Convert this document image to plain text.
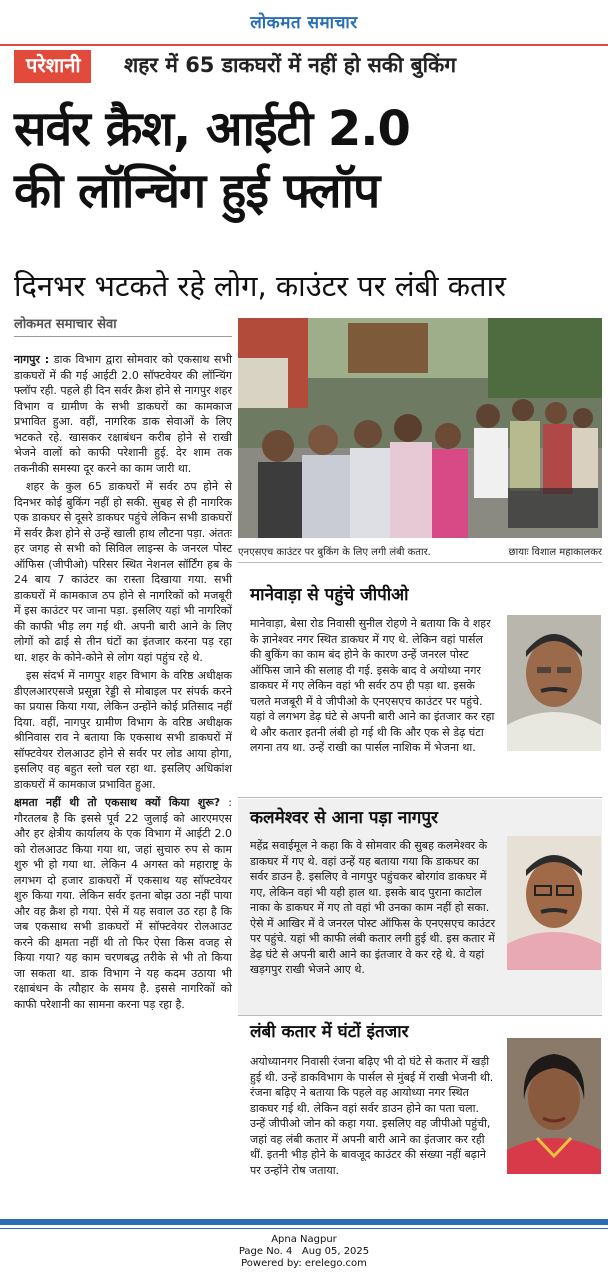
लोकमत समाचार
परेशानी	शहर में 65 डाकघरों में नहीं हो सकी बुकिंग
सर्वर क्रैश, आईटी 2.0
की लॉन्चिंग हुई फ्लॉप
दिनभर भटकते रहे लोग, काउंटर पर लंबी कतार
लोकमत समाचार सेवा

नागपुर : डाक विभाग द्वारा सोमवार को एकसाथ सभी डाकघरों में की गई आईटी 2.0 सॉफ्टवेयर की लॉन्चिंग फ्लॉप रही. पहले ही दिन सर्वर क्रैश होने से नागपुर शहर विभाग व ग्रामीण के सभी डाकघरों का कामकाज प्रभावित हुआ. वहीं, नागरिक डाक सेवाओं के लिए भटकते रहे. खासकर रक्षाबंधन करीब होने से राखी भेजने वालों को काफी परेशानी हुई. देर शाम तक तकनीकी समस्या दूर करने का काम जारी था.

शहर के कुल 65 डाकघरों में सर्वर ठप होने से दिनभर कोई बुकिंग नहीं हो सकी. सुबह से ही नागरिक एक डाकघर से दूसरे डाकघर पहुंचे लेकिन सभी डाकघरों में सर्वर क्रैश होने से उन्हें खाली हाथ लौटना पड़ा. अंततः हर जगह से सभी को सिविल लाइन्स के जनरल पोस्ट ऑफिस (जीपीओ) परिसर स्थित नेशनल सॉर्टिंग हब के 24 बाय 7 काउंटर का रास्ता दिखाया गया. सभी डाकघरों में कामकाज ठप होने से नागरिकों को मजबूरी में इस काउंटर पर जाना पड़ा. इसलिए यहां भी नागरिकों की काफी भीड़ लग गई थी. अपनी बारी आने के लिए लोगों को ढाई से तीन घंटों का इंतजार करना पड़ रहा था. शहर के कोने-कोने से लोग यहां पहुंच रहे थे.

इस संदर्भ में नागपुर शहर विभाग के वरिष्ठ अधीक्षक डीएलआरएसजे प्रसून्ना रेड्डी से मोबाइल पर संपर्क करने का प्रयास किया गया, लेकिन उन्होंने कोई प्रतिसाद नहीं दिया. वहीं, नागपुर ग्रामीण विभाग के वरिष्ठ अधीक्षक श्रीनिवास राव ने बताया कि एकसाथ सभी डाकघरों में सॉफ्टवेयर रोलआउट होने से सर्वर पर लोड आया होगा, इसलिए वह बहुत स्लो चल रहा था. इसलिए अधिकांश डाकघरों में कामकाज प्रभावित हुआ.

क्षमता नहीं थी तो एकसाथ क्यों किया शुरू? : गौरतलब है कि इससे पूर्व 22 जुलाई को आरएमएस और हर क्षेत्रीय कार्यालय के एक विभाग में आईटी 2.0 को रोलआउट किया गया था, जहां सुचारु रुप से काम शुरु भी हो गया था. लेकिन 4 अगस्त को महाराष्ट्र के लगभग दो हजार डाकघरों में एकसाथ यह सॉफ्टवेयर शुरु किया गया. लेकिन सर्वर इतना बोझ उठा नहीं पाया और वह क्रैश हो गया. ऐसे में यह सवाल उठ रहा है कि जब एकसाथ सभी डाकघरों में सॉफ्टवेयर रोलआउट करने की क्षमता नहीं थी तो फिर ऐसा किस वजह से किया गया? यह काम चरणबद्ध तरीके से भी तो किया जा सकता था. डाक विभाग ने यह कदम उठाया भी रक्षाबंधन के त्यौहार के समय है. इससे नागरिकों को काफी परेशानी का सामना करना पड़ रहा है.

एनएसएच काउंटर पर बुकिंग के लिए लगी लंबी कतार.	छायाः विशाल महाकालकर
मानेवाड़ा से पहुंचे जीपीओ
मानेवाड़ा, बेसा रोड निवासी सुनील रोहणे ने बताया कि वे शहर के ज्ञानेश्वर नगर स्थित डाकघर में गए थे. लेकिन वहां पार्सल की बुकिंग का काम बंद होने के कारण उन्हें जनरल पोस्ट ऑफिस जाने की सलाह दी गई. इसके बाद वे अयोध्या नगर डाकघर में गए लेकिन वहां भी सर्वर ठप ही पड़ा था. इसके चलते मजबूरी में वे जीपीओ के एनएसएच काउंटर पर पहुंचे. यहां वे लगभग डेढ़ घंटे से अपनी बारी आने का इंतजार कर रहा थे और कतार इतनी लंबी हो गई थी कि और एक से डेढ़ घंटा लगना तय था. उन्हें राखी का पार्सल नाशिक में भेजना था.
कलमेश्वर से आना पड़ा नागपुर
महेंद्र सवाईमूल ने कहा कि वे सोमवार की सुबह कलमेश्वर के डाकघर में गए थे. वहां उन्हें यह बताया गया कि डाकघर का सर्वर डाउन है. इसलिए वे नागपुर पहुंचकर बोरगांव डाकघर में गए, लेकिन वहां भी यही हाल था. इसके बाद पुराना काटोल नाका के डाकघर में गए तो वहां भी उनका काम नहीं हो सका. ऐसे में आखिर में वे जनरल पोस्ट ऑफिस के एनएसएच काउंटर पर पहुंचे. यहां भी काफी लंबी कतार लगी हुई थी. इस कतार में डेढ़ घंटे से अपनी बारी आने का इंतजार वे कर रहे थे. वे यहां खड़गपुर राखी भेजने आए थे.
लंबी कतार में घंटों इंतजार
अयोध्यानगर निवासी रंजना बढ़िए भी दो घंटे से कतार में खड़ी हुई थी. उन्हें डाकविभाग के पार्सल से मुंबई में राखी भेजनी थी. रंजना बढ़िए ने बताया कि पहले वह आयोध्या नगर स्थित डाकघर गई थी. लेकिन वहां सर्वर डाउन होने का पता चला. उन्हें जीपीओ जोन को कहा गया. इसलिए वह जीपीओ पहुंची, जहां वह लंबी कतार में अपनी बारी आने का इंतजार कर रही थीं. इतनी भीड़ होने के बावजूद काउंटर की संख्या नहीं बढ़ाने पर उन्होंने रोष जताया.
Apna Nagpur
Page No. 4   Aug 05, 2025
Powered by: erelego.com
